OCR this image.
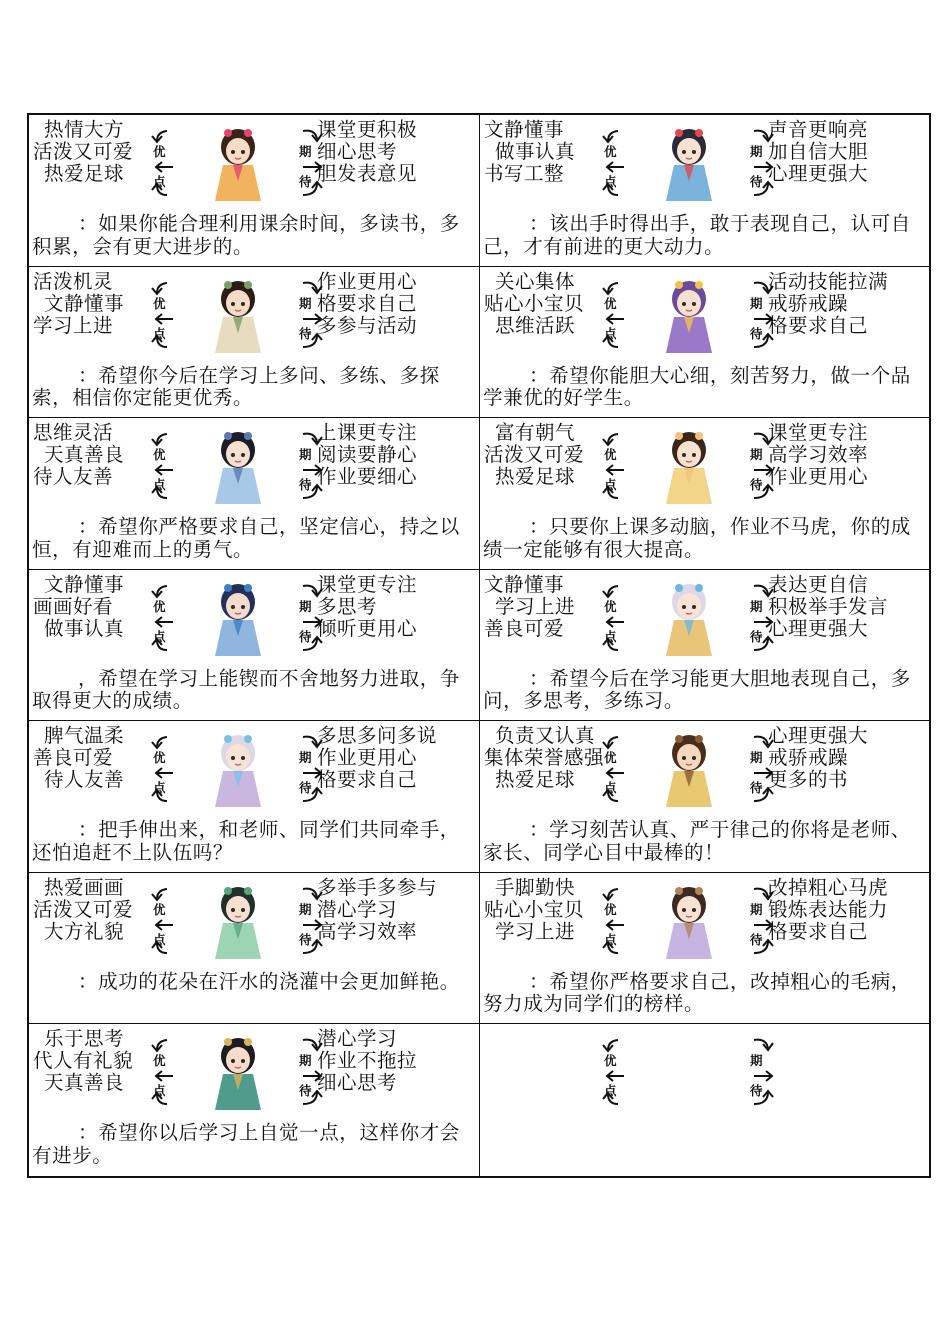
热情大方
活泼又可爱
热爱足球
优
点
期
待
课堂更积极
细心思考
胆发表意见
：如果你能合理利用课余时间，多读书，多积累，会有更大进步的。
文静懂事
做事认真
书写工整
优
点
期
待
声音更响亮
加自信大胆
心理更强大
：该出手时得出手，敢于表现自己，认可自己，才有前进的更大动力。
活泼机灵
文静懂事
学习上进
优
点
期
待
作业更用心
格要求自己
多参与活动
：希望你今后在学习上多问、多练、多探索，相信你定能更优秀。
关心集体
贴心小宝贝
思维活跃
优
点
期
待
活动技能拉满
戒骄戒躁
格要求自己
：希望你能胆大心细，刻苦努力，做一个品学兼优的好学生。
思维灵活
天真善良
待人友善
优
点
期
待
上课更专注
阅读要静心
作业要细心
：希望你严格要求自己，坚定信心，持之以恒，有迎难而上的勇气。
富有朝气
活泼又可爱
热爱足球
优
点
期
待
课堂更专注
高学习效率
作业更用心
：只要你上课多动脑，作业不马虎，你的成绩一定能够有很大提高。
文静懂事
画画好看
做事认真
优
点
期
待
课堂更专注
多思考
倾听更用心
，希望在学习上能锲而不舍地努力进取，争取得更大的成绩。
文静懂事
学习上进
善良可爱
优
点
期
待
表达更自信
积极举手发言
心理更强大
：希望今后在学习能更大胆地表现自己，多问，多思考，多练习。
脾气温柔
善良可爱
待人友善
优
点
期
待
多思多问多说
作业更用心
格要求自己
：把手伸出来，和老师、同学们共同牵手，还怕追赶不上队伍吗？
负责又认真
集体荣誉感强
热爱足球
优
点
期
待
心理更强大
戒骄戒躁
更多的书
：学习刻苦认真、严于律己的你将是老师、家长、同学心目中最棒的！
热爱画画
活泼又可爱
大方礼貌
优
点
期
待
多举手多参与
潜心学习
高学习效率
：成功的花朵在汗水的浇灌中会更加鲜艳。
手脚勤快
贴心小宝贝
学习上进
优
点
期
待
改掉粗心马虎
锻炼表达能力
格要求自己
：希望你严格要求自己，改掉粗心的毛病，努力成为同学们的榜样。
乐于思考
代人有礼貌
天真善良
优
点
期
待
潜心学习
作业不拖拉
细心思考
：希望你以后学习上自觉一点，这样你才会有进步。
优
点
期
待
